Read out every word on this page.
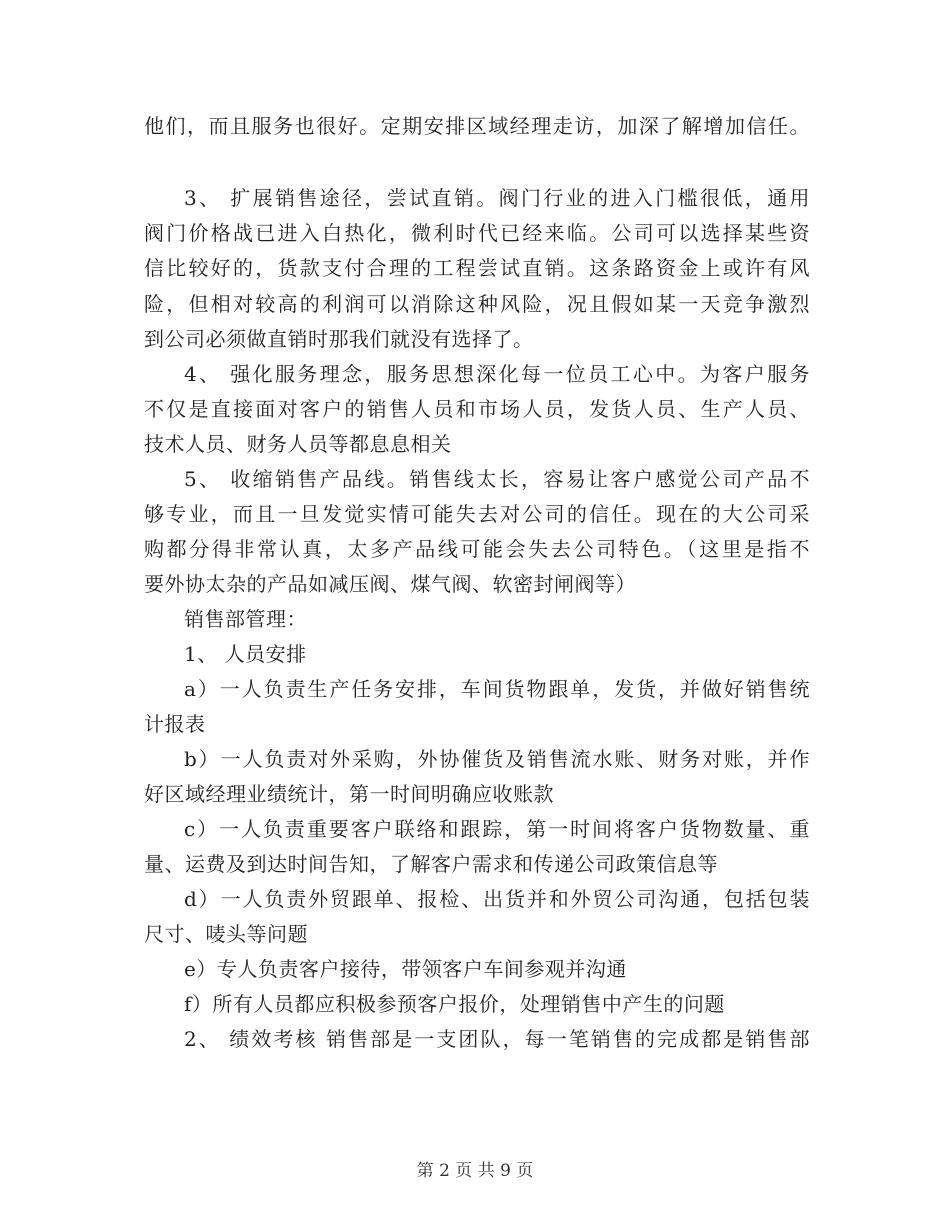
他们，而且服务也很好。定期安排区域经理走访，加深了解增加信任。
3、 扩展销售途径，尝试直销。阀门行业的进入门槛很低，通用
阀门价格战已进入白热化，微利时代已经来临。公司可以选择某些资
信比较好的，货款支付合理的工程尝试直销。这条路资金上或许有风
险，但相对较高的利润可以消除这种风险，况且假如某一天竞争激烈
到公司必须做直销时那我们就没有选择了。
4、 强化服务理念，服务思想深化每一位员工心中。为客户服务
不仅是直接面对客户的销售人员和市场人员，发货人员、生产人员、
技术人员、财务人员等都息息相关
5、 收缩销售产品线。销售线太长，容易让客户感觉公司产品不
够专业，而且一旦发觉实情可能失去对公司的信任。现在的大公司采
购都分得非常认真，太多产品线可能会失去公司特色。（这里是指不
要外协太杂的产品如减压阀、煤气阀、软密封闸阀等）
销售部管理：
1、 人员安排
a）一人负责生产任务安排，车间货物跟单，发货，并做好销售统
计报表
b）一人负责对外采购，外协催货及销售流水账、财务对账，并作
好区域经理业绩统计，第一时间明确应收账款
c）一人负责重要客户联络和跟踪，第一时间将客户货物数量、重
量、运费及到达时间告知，了解客户需求和传递公司政策信息等
d）一人负责外贸跟单、报检、出货并和外贸公司沟通，包括包装
尺寸、唛头等问题
e）专人负责客户接待，带领客户车间参观并沟通
f）所有人员都应积极参预客户报价，处理销售中产生的问题
2、 绩效考核 销售部是一支团队，每一笔销售的完成都是销售部
第 2 页 共 9 页
